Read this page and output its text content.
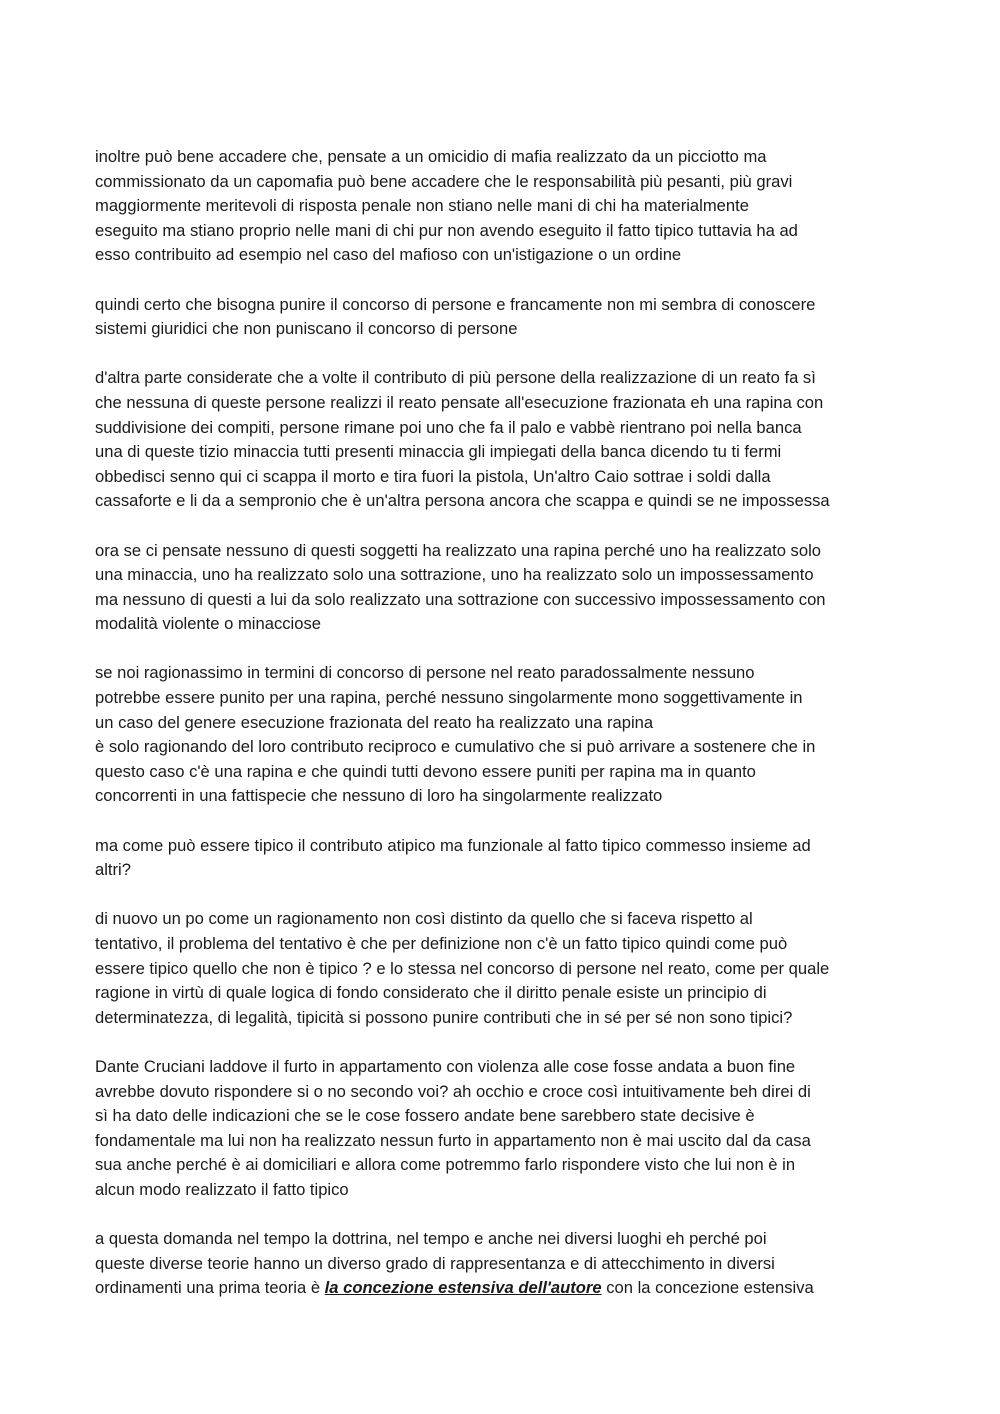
inoltre può bene accadere che, pensate a un omicidio di mafia realizzato da un picciotto ma
commissionato da un capomafia può bene accadere che le responsabilità più pesanti, più gravi
maggiormente meritevoli di risposta penale non stiano nelle mani di chi ha materialmente
eseguito ma stiano proprio nelle mani di chi pur non avendo eseguito il fatto tipico tuttavia ha ad
esso contribuito ad esempio nel caso del mafioso con un'istigazione o un ordine

quindi certo che bisogna punire il concorso di persone e francamente non mi sembra di conoscere
sistemi giuridici che non puniscano il concorso di persone

d'altra parte considerate che a volte il contributo di più persone della realizzazione di un reato fa sì
che nessuna di queste persone realizzi il reato pensate all'esecuzione frazionata eh una rapina con
suddivisione dei compiti, persone rimane poi uno che fa il palo e vabbè rientrano poi nella banca
una di queste tizio minaccia tutti presenti minaccia gli impiegati della banca dicendo tu ti fermi
obbedisci senno qui ci scappa il morto e tira fuori la pistola, Un'altro Caio sottrae i soldi dalla
cassaforte e li da a sempronio che è un'altra persona ancora che scappa e quindi se ne impossessa

ora se ci pensate nessuno di questi soggetti ha realizzato una rapina perché uno ha realizzato solo
una minaccia, uno ha realizzato solo una sottrazione, uno ha realizzato solo un impossessamento
ma nessuno di questi a lui da solo realizzato una sottrazione con successivo impossessamento con
modalità violente o minacciose

se noi ragionassimo in termini di concorso di persone nel reato paradossalmente nessuno
potrebbe essere punito per una rapina, perché nessuno singolarmente mono soggettivamente in
un caso del genere esecuzione frazionata del reato ha realizzato una rapina
è solo ragionando del loro contributo reciproco e cumulativo che si può arrivare a sostenere che in
questo caso c'è una rapina e che quindi tutti devono essere puniti per rapina ma in quanto
concorrenti in una fattispecie che nessuno di loro ha singolarmente realizzato

ma come può essere tipico il contributo atipico ma funzionale al fatto tipico commesso insieme ad
altri?

di nuovo un po come un ragionamento non così distinto da quello che si faceva rispetto al
tentativo, il problema del tentativo è che per definizione non c'è un fatto tipico quindi come può
essere tipico quello che non è tipico ? e lo stessa nel concorso di persone nel reato, come per quale
ragione in virtù di quale logica di fondo considerato che il diritto penale esiste un principio di
determinatezza, di legalità, tipicità si possono punire contributi che in sé per sé non sono tipici?

Dante Cruciani laddove il furto in appartamento con violenza alle cose fosse andata a buon fine
avrebbe dovuto rispondere si o no secondo voi? ah occhio e croce così intuitivamente beh direi di
sì ha dato delle indicazioni che se le cose fossero andate bene sarebbero state decisive è
fondamentale ma lui non ha realizzato nessun furto in appartamento non è mai uscito dal da casa
sua anche perché è ai domiciliari e allora come potremmo farlo rispondere visto che lui non è in
alcun modo realizzato il fatto tipico

a questa domanda nel tempo la dottrina, nel tempo e anche nei diversi luoghi eh perché poi
queste diverse teorie hanno un diverso grado di rappresentanza e di attecchimento in diversi
ordinamenti una prima teoria è la concezione estensiva dell'autore con la concezione estensiva
